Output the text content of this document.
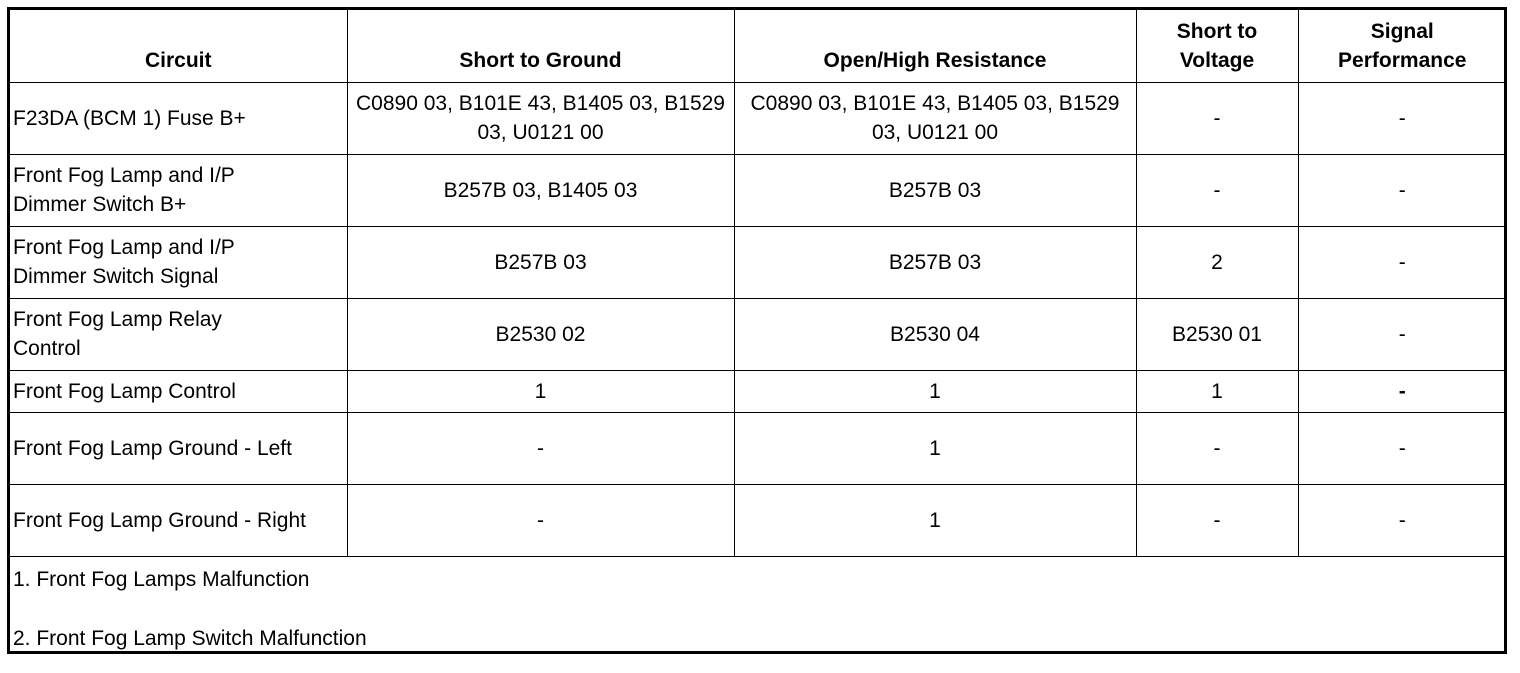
Circuit	Short to Ground	Open/High Resistance	Short to Voltage	Signal Performance
F23DA (BCM 1) Fuse B+	C0890 03, B101E 43, B1405 03, B1529 03, U0121 00	C0890 03, B101E 43, B1405 03, B1529 03, U0121 00	-	-
Front Fog Lamp and I/P Dimmer Switch B+	B257B 03, B1405 03	B257B 03	-	-
Front Fog Lamp and I/P Dimmer Switch Signal	B257B 03	B257B 03	2	-
Front Fog Lamp Relay Control	B2530 02	B2530 04	B2530 01	-
Front Fog Lamp Control	1	1	1	-
Front Fog Lamp Ground - Left	-	1	-	-
Front Fog Lamp Ground - Right	-	1	-	-

1. Front Fog Lamps Malfunction
2. Front Fog Lamp Switch Malfunction				
